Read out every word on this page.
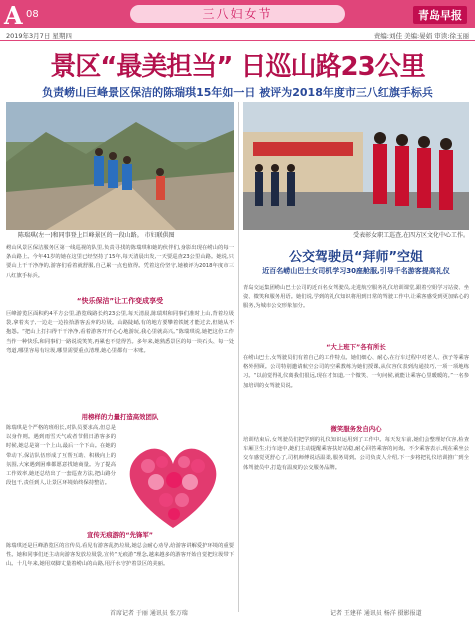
A 08	三八妇女节	青岛早报
2019年3月7日 星期四	责编:刘佳 美编:晏娟 审读:徐玉丽
景区“最美担当” 日巡山路23公里
负责崂山巨峰景区保洁的陈瑞琪15年如一日 被评为2018年度市三八红旗手标兵
陈瑞琪(左一)和同事登上巨峰景区的一段山路。 市妇联供图
崂山风景区保洁服务区第一线巡视的队里,负责寻找的陈瑞琪和她的伙伴们,身影出现在崂山的每一条山路上。今年41岁的她在这里已经坚持了15年,每天清晨出发,一天要巡查23公里山路。她说,只要山上干干净净的,游客们看着就舒服,自己累一点也值得。凭着这份坚守,她被评为2018年度市三八红旗手标兵。
“快乐保洁”让工作变成享受
巨峰游览区面积约4平方公里,游览线路长约23公里,每天清晨,陈瑞琪和同事们准时上山,背着垃圾袋,拿着夹子,一边走一边捡拾游客丢弃的垃圾。山路陡峭,有的地方要攀着铁链才能过去,但她从不抱怨。“把山上打扫得干干净净,看着游客开开心心地游玩,我心里就高兴。”陈瑞琪说,她把这份工作当作一种快乐,和同事们一路说说笑笑,再累也不觉得苦。多年来,她熟悉景区的每一块石头、每一处弯道,哪里容易有垃圾,哪里需要重点清理,她心里都有一本账。
用榜样的力量打造高效团队
陈瑞琪是个严格的班组长,对队员要求高,但总是以身作则。遇到雨雪天气或者节假日游客多的时候,她总是第一个上山,最后一个下山。在她的带动下,保洁队伍形成了互帮互助、积极向上的氛围,大家遇到困难都愿意找她商量。为了提高工作效率,她还总结出了一套巡查方法,把山路分段包干,责任到人,让景区环境始终保持整洁。
宣传无痕游的“先锋军”
陈瑞琪还是巨峰游览区的宣传员,看见有游客乱扔垃圾,她总会耐心劝导,给游客讲解爱护环境的重要性。她和同事们还主动向游客发放垃圾袋,宣传“无痕游”理念,越来越多的游客开始自觉把垃圾带下山。十几年来,她用双脚丈量着崂山的山路,用汗水守护着景区的美丽。
首席记者 于丽 通讯员 张万瑞
受表彰女职工巡查,在四方区文化中心工作。
公交驾驶员“拜师”空姐
近百名崂山巴士女司机学习30座舱服,引导千名游客提高礼仪
青岛交运集团崂山巴士公司的近百名女驾驶员,走进航空服务礼仪培训课堂,跟着空姐学习站姿、坐姿、微笑和服务用语。她们说,学到的礼仪知识将用到日常的驾驶工作中,让乘客感受到更加贴心的服务,为城市公交形象加分。
“大上班下”各有所长
在崂山巴士,女驾驶员们有着自己的工作特点。她们细心、耐心,在行车过程中对老人、孩子等乘客格外照顾。公司特别邀请航空公司的空乘教练为她们授课,从仪容仪表到沟通技巧,一项一项地练习。“以前觉得礼仪离我们很远,现在才知道,一个微笑、一句问候,就能让乘客心里暖暖的。”一名参加培训的女驾驶员说。
微笑服务发自内心
培训结束后,女驾驶员们把学到的礼仪知识运用到了工作中。每天发车前,她们会整理好仪容,检查车厢卫生;行车途中,她们主动提醒乘客扶好站稳,耐心回答乘客的问询。不少乘客表示,现在乘坐公交车感觉更舒心了,司机师傅说话温柔,服务周到。公司负责人介绍,下一步将把礼仪培训推广到全体驾驶员中,打造有温度的公交服务品牌。
记者 王建祥 通讯员 杨洋 摄影报道
